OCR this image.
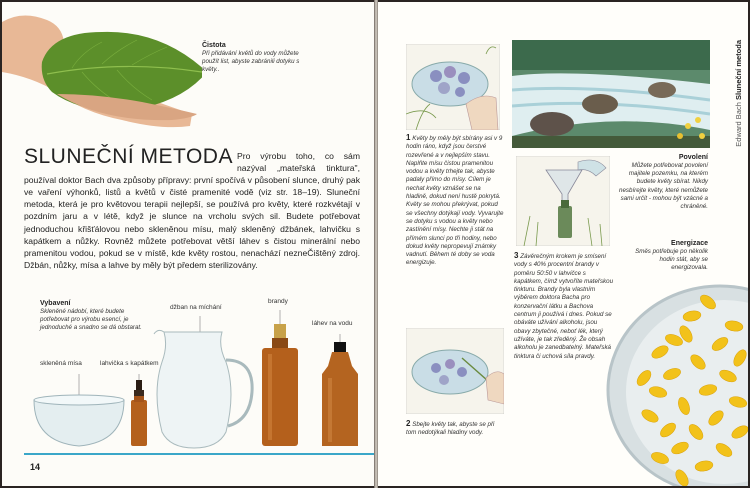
Čistota

Při přidávání květů do vody můžete použít list, abyste zabránili dotyku s květy..

SLUNEČNÍ METODA Pro výrobu toho, co sám nazýval „mateřská tinktura", používal doktor Bach dva způsoby přípravy: první spočívá v působení slunce, druhý pak ve vaření výhonků, listů a květů v čisté pramenité vodě (viz str. 18–19). Sluneční metoda, která je pro květovou terapii nejlepší, se používá pro květy, které rozkvétají v pozdním jaru a v létě, když je slunce na vrcholu svých sil. Budete potřebovat jednoduchou křišťálovou nebo skleněnou mísu, malý skleněný džbánek, lahvičku s kapátkem a nůžky. Rovněž můžete potřebovat větší láhev s čistou minerální nebo pramenitou vodou, pokud se v místě, kde květy rostou, nenachází nezneČištěný zdroj. Džbán, nůžky, mísa a lahve by měly být předem sterilizovány.
Vybavení

Skleněné nádobí, které budete potřebovat pro výrobu esencí, je jednoduché a snadno se dá obstarat.

skleněná mísa	lahvička s kapátkem
džban na míchání
brandy
láhev na vodu
14
Edward Bach Sluneční metoda

1 Květy by měly být sbírány asi v 9 hodin ráno, když jsou čerstvé rozevřené a v nejlepším stavu. Naplňte mísu čistou pramenitou vodou a květy trhejte tak, abyste padaly přímo do mísy. Cílem je nechat květy vznášet se na hladině, dokud není hustě pokrytá. Květy se mohou překrývat, pokud se všechny dotýkají vody. Vyvarujte se dotyku s vodou a květy nebo zastínění mísy. Nechte ji stát na přímém slunci po tři hodiny, nebo dokud květy nepropevují známky vadnutí. Během té doby se voda energizuje.

Povolení

Můžete potřebovat povolení majitele pozemku, na kterém budete květy sbírat. Nikdy nesbírejte květy, které nemůžete sami určit - mohou být vzácné a chráněné.

Energizace

Směs potřebuje po několik hodin stát, aby se energizovala.

3 Závěrečným krokem je smísení vody s 40% procentní brandy v poměru 50:50 v lahvičce s kapátkem, čímž vytvoříte mateřskou tinkturu. Brandy byla vlastním výběrem doktora Bacha pro konzervační látku a Bachova centrum ji používá i dnes. Pokud se obáváte užívání alkoholu, jsou obavy zbytečné, neboť lék, který užíváte, je tak zředěný. Že obsah alkoholu je zanedbatelný. Mateřská tinktura či uchová síla pravdy.

2 Sbejte květy tak, abyste se při tom nedotýkali hladiny vody.
